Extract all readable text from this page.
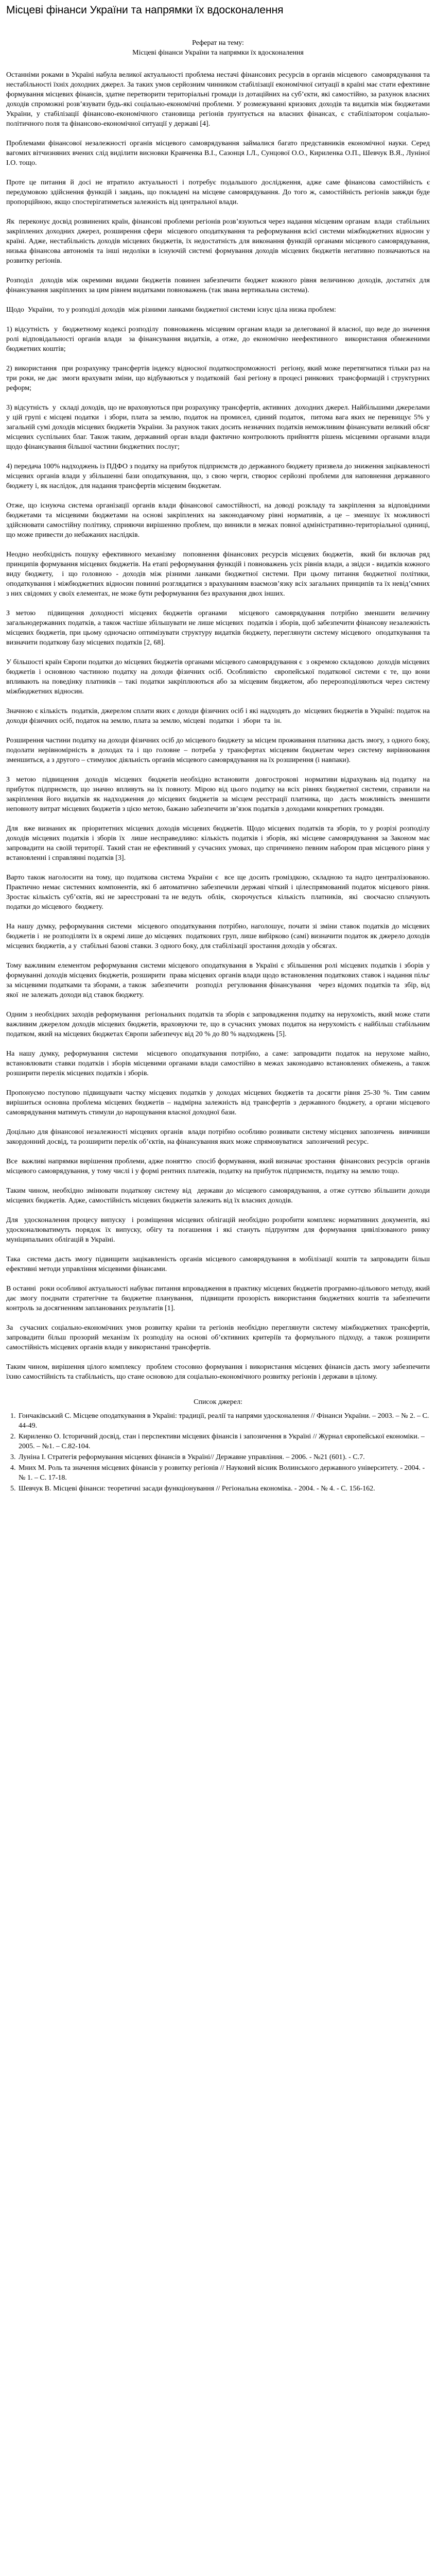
Місцеві фінанси України та напрямки їх вдосконалення
Реферат на тему:
Місцеві фінанси України та напрямки їх вдосконалення

Останніми роками в Україні набула великої актуальності проблема нестачі фінансових ресурсів в органів місцевого  самоврядування та нестабільності їхніх доходних джерел. За таких умов серйозним чинником стабілізації економічної ситуації в країні має стати ефективне формування місцевих фінансів, здатне перетворити територіальні громади із дотаційних на суб’єкти, які самостійно, за рахунок власних доходів спроможні розв’язувати будь-які соціально-економічні проблеми. У розмежуванні кризових доходів та видатків між бюджетами України, у стабілізації фінансово-економічного становища регіонів ґрунтується на власних фінансах, є стабілізатором соціально-політичного поля та фінансово-економічної ситуації у державі [4].

Проблемами фінансової незалежності органів місцевого самоврядування займалися багато представників економічної науки. Серед вагомих вітчизняних вчених слід виділити висновки Кравченка В.І., Сазонця І.Л., Сунцової О.О., Кириленка О.П., Шевчук В.Я., Луніної І.О. тощо.

Проте це питання й досі не втратило актуальності і потребує подальшого дослідження, адже саме фінансова самостійність є передумовою здійснення функцій і завдань, що покладені на місцеве самоврядування. До того ж, самостійність регіонів завжди буде пропорційною, якщо спостерігатиметься залежність від центральної влади.

Як  переконує досвід розвинених країн, фінансові проблеми регіонів розв’язуються через надання місцевим органам  влади  стабільних закріплених доходних джерел, розширення сфери  місцевого оподаткування та реформування всієї системи міжбюджетних відносин у країні. Адже, нестабільність доходів місцевих бюджетів, їх недостатність для виконання функцій органами місцевого самоврядування, низька фінансова автономія та інші недоліки в існуючій системі формування доходів місцевих бюджетів негативно позначаються на розвитку регіонів.

Розподіл  доходів між окремими видами бюджетів повинен забезпечити бюджет кожного рівня величиною доходів, достатніх для фінансування закріплених за цим рівнем видатками повноважень (так звана вертикальна система).

Щодо  України,  то у розподілі доходів  між різними ланками бюджетної системи існує цілa низка проблем:

1) відсутність  у  бюджетному кодексі розподілу  повноважень місцевим органам влади за делегованої й власної, що веде до значення ролі відповідальності органів влади  за фінансування видатків, а отже, до економічно неефективного  використання обмеженими бюджетних коштів;

2) використання  при розрахунку трансфертів індексу відносної податкоспроможності  регіону, який може перетягнатися тільки раз на три роки, не дає  змоги врахувати зміни, що відбуваються у податковій  базі регіону в процесі ринкових  трансформацій і структурних реформ;

3) відсутність  у  складі доходів, що не враховуються при розрахунку трансфертів, активних  доходних джерел. Найбільшими джерелами  у цій групі є місцеві податки  і збори, плата за землю, податок на промисел, єдиний податок,  питома вага яких не перевищує 5% у загальній сумі доходів місцевих бюджетів України. За рахунок таких досить незначних податків неможливим фінансувати великий обсяг місцевих суспільних благ. Також таким, державний орган влади фактично контролюють прийняття рішень місцевими органами влади щодо фінансування більшої частини бюджетних послуг;

4) передача 100% надходжень із ПДФО з податку на прибуток підприємств до державного бюджету призвела до зниження зацікавленості місцевих органів влади у збільшенні бази оподаткування, що, з свою черги, створює серйозні проблеми для наповнення державного бюджету і, як наслідок, для надання трансфертів місцевим бюджетам.

Отже, що існуюча система організації органів влади фінансової самостійності, на доводі розкладу та закріплення за відповідними бюджетами та місцевими бюджетами на основі закріплених на законодавчому рівні нормативів, а це – зменшує їх можливості здійснювати самостійну політику, сприяючи вирішенню проблем, що виникли в межах повної адміністративно-територіальної одиниці, що може привести до небажаних наслідків.

Неодно необхідність пошуку ефективного механізму  поповнення фінансових ресурсів місцевих бюджетів,  який би включав ряд принципів формування місцевих бюджетів. На етапі реформування функцій і повноважень усіх рівнів влади, а звідси - видатків кожного виду бюджету,  і що головною - доходів між різними ланками бюджетної системи. При цьому питання бюджетної політики, оподаткування і міжбюджетних відносин повинні розглядатися з врахуванням взаємозв’язку всіх загальних принципів та їх невід’ємних з них свідомих у своїх елементах, не може бути реформування без врахування двох інших.

З метою  підвищення доходності місцевих бюджетів органами  місцевого самоврядування потрібно зменшити величину загальнодержавних податків, а також частіше збільшувати не лише місцевих  податків і зборів, щоб забезпечити фінансову незалежність місцевих бюджетів, при цьому одночасно оптимізувати структуру видатків бюджету, переглянути систему місцевого  оподаткування та визначити податкову базу місцевих податків [2, 68].

У більшості країн Європи податки до місцевих бюджетів органами місцевого самоврядування є  з окремою складовою  доходів місцевих  бюджетів і основною частиною податку на доходи фізичних осіб. Особливістю  європейської податкової системи є те, що вони впливають на поведінку платників – такі податки закріплюються або за місцевим бюджетом, або перерозподіляються через систему міжбюджетних відносин.

Значною є кількість  податків, джерелом сплати яких є доходи фізичних осіб і які надходять до  місцевих бюджетів в Україні: податок на доходи фізичних осіб, податок на землю, плата за землю, місцеві  податки  і  збори  та  ін.

Розширення частини податку на доходи фізичних осіб до місцевого бюджету за місцем проживання платника дасть змогу, з одного боку, подолати нерівномірність в доходах та і що головне – потреба у трансфертах місцевим бюджетам через систему вирівнювання зменшиться, а з другого – стимулює діяльність органів місцевого самоврядування на їх розширення (і навпаки).

З  метою  підвищення  доходів  місцевих  бюджетів необхідно встановити  довгострокові  нормативи відрахувань від податку  на прибуток підприємств, що значно впливуть на їх повноту. Мірою від цього податку на всіх рівнях бюджетної системи, справили на закріплення його видатків як надходження до місцевих бюджетів за місцем реєстрації платника, що  дасть можливість зменшити неповноту витрат місцевих бюджетів з цією метою, бажано забезпечити зв’язок податків з доходами конкретних громадян.

Для  вже визнаних як  пріоритетних місцевих доходів місцевих бюджетів. Щодо місцевих податків та зборів, то у розрізі розподілу доходів місцевих податків і зборів їх  лише несправедливо: кількість податків і зборів, які місцеве самоврядування за Законом має  запровадити на своїй території. Такий стан не ефективний у сучасних умовах, що спричинено певним набором прав місцевого рівня у встановленні і справлянні податків [3].

Варто також наголосити на тому, що податкова система України є  все ще досить громіздкою, складною та надто централізованою. Практично немає системних компонентів, які б автоматично забезпечили державі чіткий і цілеспрямований податок місцевого рівня. Зростає кількість суб’єктів, які не зареєстровані та не ведуть  облік,  скорочується  кількість  платників,  які  своєчасно сплачують податки до місцевого  бюджету.

На нашу думку, реформування системи  місцевого оподаткування потрібно, наголошує, почати зі зміни ставок податків до місцевих бюджетів і  не розподіляти їх в окремі лише до місцевих  податкових груп, лише вибірково (самі) визначити податок як джерело доходів місцевих бюджетів, а у  стабільні базові ставки. З одного боку, для стабілізації зростання доходів у обсягах.

Тому важливим елементом реформування системи місцевого оподаткування в Україні є збільшення ролі місцевих податків і зборів у формуванні доходів місцевих бюджетів, розширити  права місцевих органів влади щодо встановлення податкових ставок і надання пільг за місцевими податками та зборами, а також  забезпечити   розподіл  регулювання фінансування   через відомих податків та  збір, від   якої  не залежать доходи від ставок бюджету.

Одним з необхідних заходів реформування  регіональних податків та зборів є запровадження податку на нерухомість, який може стати важливим джерелом доходів місцевих бюджетів, враховуючи те, що в сучасних умовах податок на нерухомість є найбільш стабільним податком, який на місцевих бюджетах Європи забезпечує від 20 % до 80 % надходжень [5].

На нашу думку, реформування системи  місцевого оподаткування потрібно, а саме: запровадити податок на нерухоме майно, встановлювати ставки податків і зборів місцевими органами влади самостійно в межах законодавчо встановлених обмежень, а також розширити перелік місцевих податків і зборів.

Пропонуємо поступово підвищувати частку місцевих податків у доходах місцевих бюджетів та досягти рівня 25-30 %. Тим самим вирішиться основна проблема місцевих бюджетів – надмірна залежність від трансфертів з державного бюджету, а органи місцевого самоврядування матимуть стимули до нарощування власної доходної бази.

Доцільно для фінансової незалежності місцевих органів  влади потрібно особливо розвивати систему місцевих запозичень  вивчивши закордонний досвід, та розширити перелік об’єктів, на фінансування яких може спрямовуватися  запозичений ресурс.

Все  важливі напрямки вирішення проблеми, адже поняттю  спосіб формування, який визначає зростання  фінансових ресурсів  органів місцевого самоврядування, у тому числі і у формі рентних платежів, податку на прибуток підприємств, податку на землю тощо.

Таким чином, необхідно змінювати податкову систему від  держави до місцевого самоврядування, а отже суттєво збільшити доходи місцевих бюджетів. Адже, самостійність місцевих бюджетів залежить від їх власних доходів.

Для  удосконалення процесу випуску  і розміщення місцевих облігацій необхідно розробити комплекс нормативних документів, які удосконалюватимуть порядок їх випуску, обігу та погашення і які стануть підґрунтям для формування цивілізованого ринку муніципальних облігацій в Україні.

Така  система дасть змогу підвищити зацікавленість органів місцевого самоврядування в мобілізації коштів та запровадити більш ефективні методи управління місцевими фінансами.

В останні  роки особливої актуальності набуває питання впровадження в практику місцевих бюджетів програмно-цільового методу, який дає змогу поєднати стратегічне та бюджетне планування,  підвищити прозорість використання бюджетних коштів та забезпечити контроль за досягненням запланованих результатів [1].

За  сучасних соціально-економічних умов розвитку країни та регіонів необхідно переглянути систему міжбюджетних трансфертів, запровадити більш прозорий механізм їх розподілу на основі об’єктивних критеріїв та формульного підходу, а також розширити самостійність місцевих органів влади у використанні трансфертів.

Таким чином, вирішення цілого комплексу  проблем стосовно формування і використання місцевих фінансів дасть змогу забезпечити їхню самостійність та стабільність, що стане основою для соціально-економічного розвитку регіонів і держави в цілому.

Список джерел:
1. Гончаківський С. Місцеве оподаткування в Україні: традиції, реалії та напрями удосконалення // Фінанси України. – 2003. – № 2. – С. 44-49.
2. Кириленко О. Історичний досвід, стан і перспективи місцевих фінансів і запозичення в Україні // Журнал європейської економіки. – 2005. – №1. – С.82-104.
3. Луніна І. Стратегія реформування місцевих фінансів в Україні// Державне управління. – 2006. - №21 (601). - С.7.
4. Мних М. Роль та значення місцевих фінансів у розвитку регіонів // Науковий вісник Волинського державного університету. - 2004. - № 1. – С. 17-18.
5. Шевчук В. Місцеві фінанси: теоретичні засади функціонування // Регіональна економіка. - 2004. - № 4. - С. 156-162.
